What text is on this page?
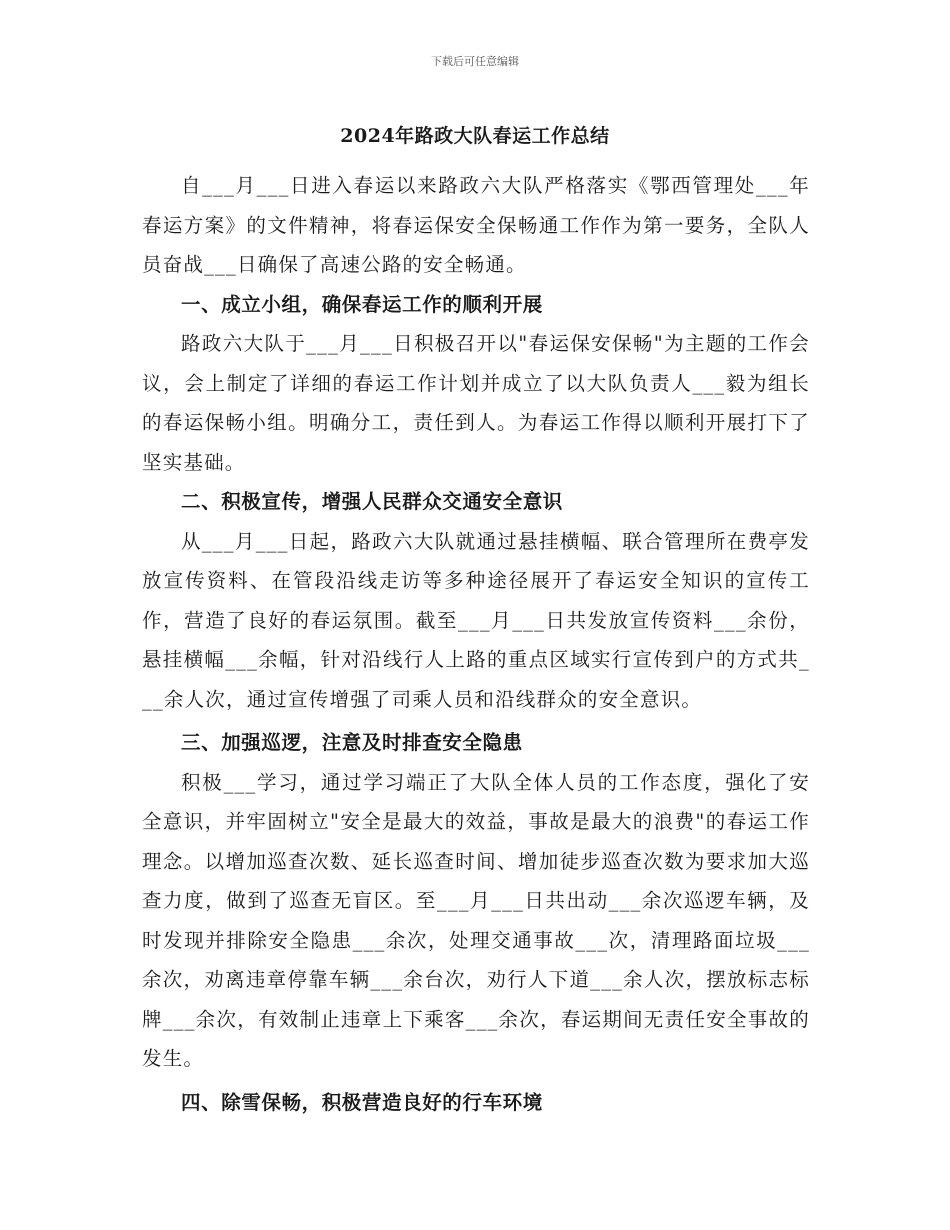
下载后可任意编辑
2024年路政大队春运工作总结

自___月___日进入春运以来路政六大队严格落实《鄂西管理处___年春运方案》的文件精神，将春运保安全保畅通工作作为第一要务，全队人员奋战___日确保了高速公路的安全畅通。

一、成立小组，确保春运工作的顺利开展

路政六大队于___月___日积极召开以"春运保安保畅"为主题的工作会议，会上制定了详细的春运工作计划并成立了以大队负责人___毅为组长的春运保畅小组。明确分工，责任到人。为春运工作得以顺利开展打下了坚实基础。

二、积极宣传，增强人民群众交通安全意识

从___月___日起，路政六大队就通过悬挂横幅、联合管理所在费亭发放宣传资料、在管段沿线走访等多种途径展开了春运安全知识的宣传工作，营造了良好的春运氛围。截至___月___日共发放宣传资料___余份，悬挂横幅___余幅，针对沿线行人上路的重点区域实行宣传到户的方式共___余人次，通过宣传增强了司乘人员和沿线群众的安全意识。

三、加强巡逻，注意及时排查安全隐患

积极___学习，通过学习端正了大队全体人员的工作态度，强化了安全意识，并牢固树立"安全是最大的效益，事故是最大的浪费"的春运工作理念。以增加巡查次数、延长巡查时间、增加徒步巡查次数为要求加大巡查力度，做到了巡查无盲区。至___月___日共出动___余次巡逻车辆，及时发现并排除安全隐患___余次，处理交通事故___次，清理路面垃圾___余次，劝离违章停靠车辆___余台次，劝行人下道___余人次，摆放标志标牌___余次，有效制止违章上下乘客___余次，春运期间无责任安全事故的发生。

四、除雪保畅，积极营造良好的行车环境
